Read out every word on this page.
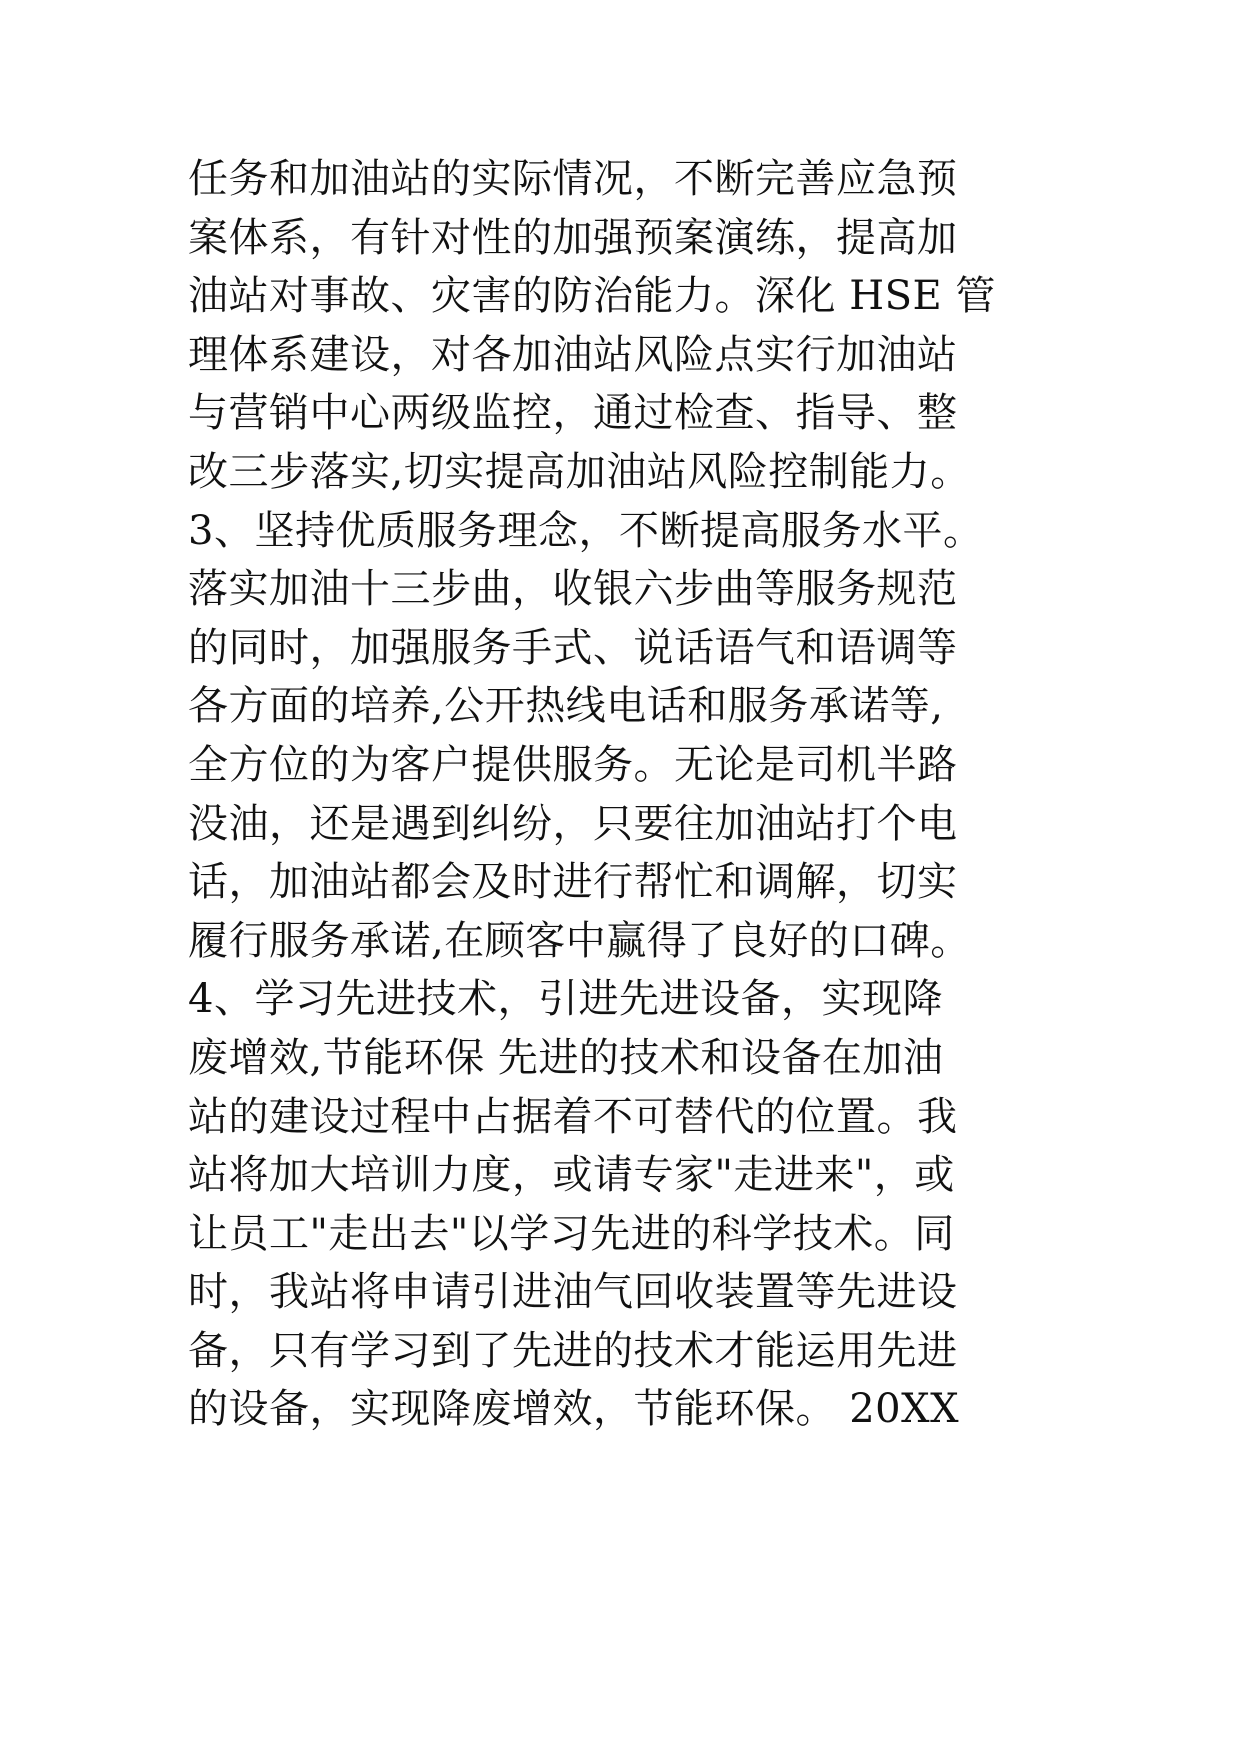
任务和加油站的实际情况，不断完善应急预
案体系，有针对性的加强预案演练，提高加
油站对事故、灾害的防治能力。深化 HSE 管
理体系建设，对各加油站风险点实行加油站
与营销中心两级监控，通过检查、指导、整
改三步落实,切实提高加油站风险控制能力。
3、坚持优质服务理念，不断提高服务水平。
落实加油十三步曲，收银六步曲等服务规范
的同时，加强服务手式、说话语气和语调等
各方面的培养,公开热线电话和服务承诺等,
全方位的为客户提供服务。无论是司机半路
没油，还是遇到纠纷，只要往加油站打个电
话，加油站都会及时进行帮忙和调解，切实
履行服务承诺,在顾客中赢得了良好的口碑。
4、学习先进技术，引进先进设备，实现降
废增效,节能环保 先进的技术和设备在加油
站的建设过程中占据着不可替代的位置。我
站将加大培训力度，或请专家"走进来"，或
让员工"走出去"以学习先进的科学技术。同
时，我站将申请引进油气回收装置等先进设
备，只有学习到了先进的技术才能运用先进
的设备，实现降废增效，节能环保。 20XX
